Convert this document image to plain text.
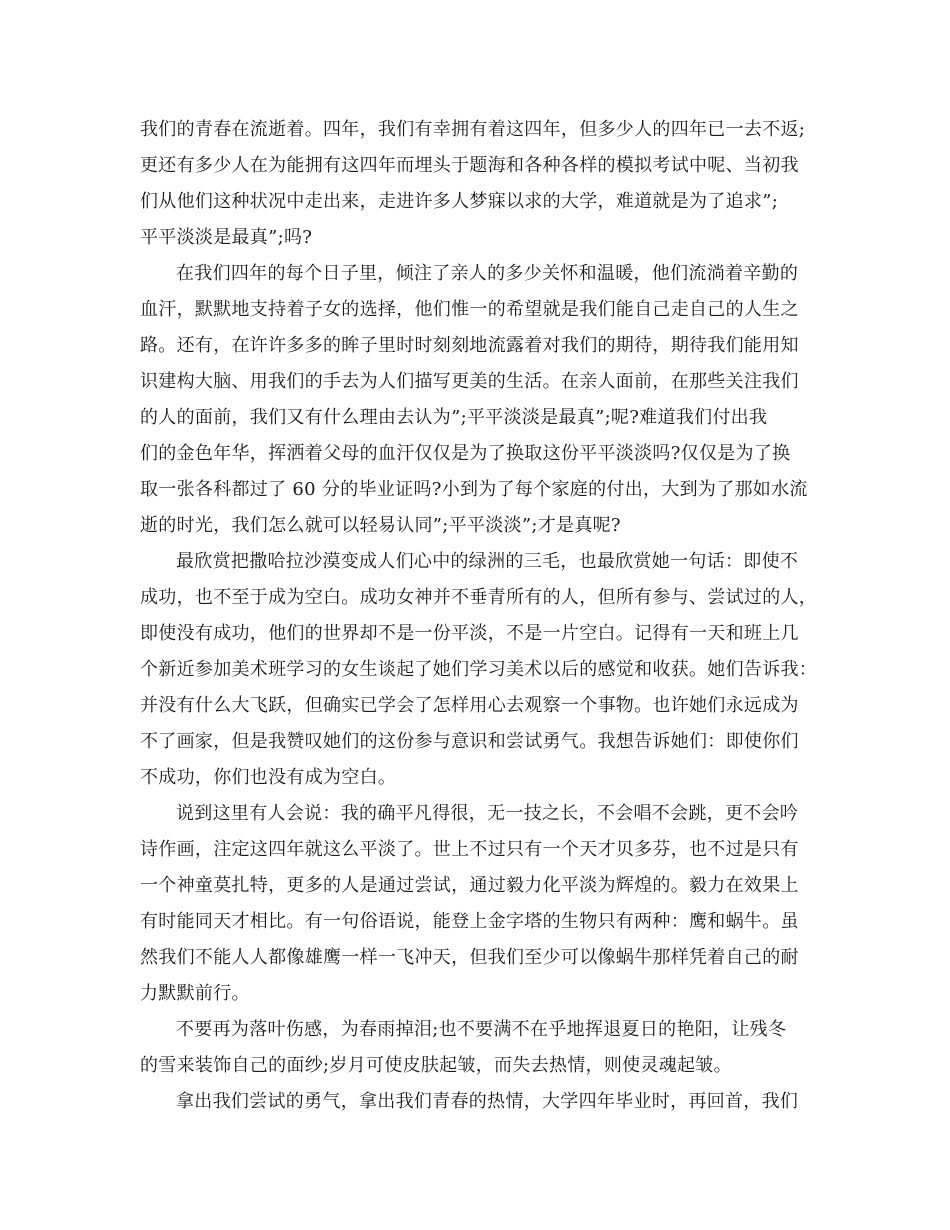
我们的青春在流逝着。四年，我们有幸拥有着这四年，但多少人的四年已一去不返;
更还有多少人在为能拥有这四年而埋头于题海和各种各样的模拟考试中呢、当初我
们从他们这种状况中走出来，走进许多人梦寐以求的大学，难道就是为了追求”;
平平淡淡是最真”;吗?
在我们四年的每个日子里，倾注了亲人的多少关怀和温暖，他们流淌着辛勤的
血汗，默默地支持着子女的选择，他们惟一的希望就是我们能自己走自己的人生之
路。还有，在许许多多的眸子里时时刻刻地流露着对我们的期待，期待我们能用知
识建构大脑、用我们的手去为人们描写更美的生活。在亲人面前，在那些关注我们
的人的面前，我们又有什么理由去认为”;平平淡淡是最真”;呢?难道我们付出我
们的金色年华，挥洒着父母的血汗仅仅是为了换取这份平平淡淡吗?仅仅是为了换
取一张各科都过了 60 分的毕业证吗?小到为了每个家庭的付出，大到为了那如水流
逝的时光，我们怎么就可以轻易认同”;平平淡淡”;才是真呢?
最欣赏把撒哈拉沙漠变成人们心中的绿洲的三毛，也最欣赏她一句话：即使不
成功，也不至于成为空白。成功女神并不垂青所有的人，但所有参与、尝试过的人，
即使没有成功，他们的世界却不是一份平淡，不是一片空白。记得有一天和班上几
个新近参加美术班学习的女生谈起了她们学习美术以后的感觉和收获。她们告诉我：
并没有什么大飞跃，但确实已学会了怎样用心去观察一个事物。也许她们永远成为
不了画家，但是我赞叹她们的这份参与意识和尝试勇气。我想告诉她们：即使你们
不成功，你们也没有成为空白。
说到这里有人会说：我的确平凡得很，无一技之长，不会唱不会跳，更不会吟
诗作画，注定这四年就这么平淡了。世上不过只有一个天才贝多芬，也不过是只有
一个神童莫扎特，更多的人是通过尝试，通过毅力化平淡为辉煌的。毅力在效果上
有时能同天才相比。有一句俗语说，能登上金字塔的生物只有两种：鹰和蜗牛。虽
然我们不能人人都像雄鹰一样一飞冲天，但我们至少可以像蜗牛那样凭着自己的耐
力默默前行。
不要再为落叶伤感，为春雨掉泪;也不要满不在乎地挥退夏日的艳阳，让残冬
的雪来装饰自己的面纱;岁月可使皮肤起皱，而失去热情，则使灵魂起皱。
拿出我们尝试的勇气，拿出我们青春的热情，大学四年毕业时，再回首，我们
